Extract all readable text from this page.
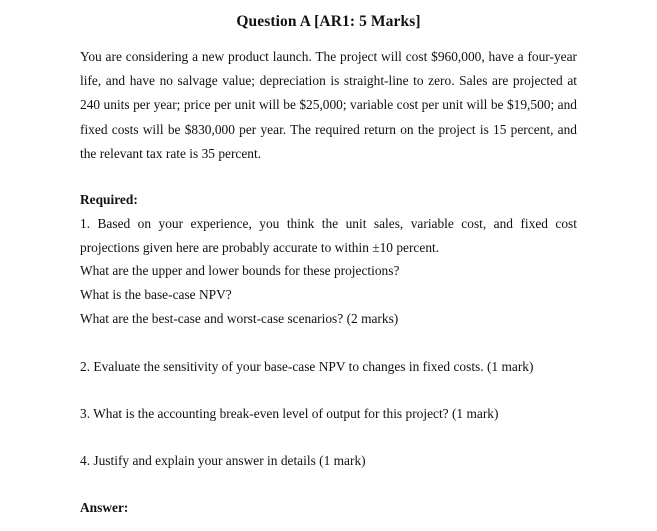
Question A [AR1: 5 Marks]
You are considering a new product launch. The project will cost $960,000, have a four-year life, and have no salvage value; depreciation is straight-line to zero. Sales are projected at 240 units per year; price per unit will be $25,000; variable cost per unit will be $19,500; and fixed costs will be $830,000 per year. The required return on the project is 15 percent, and the relevant tax rate is 35 percent.
Required:
1. Based on your experience, you think the unit sales, variable cost, and fixed cost projections given here are probably accurate to within ±10 percent.
What are the upper and lower bounds for these projections?
What is the base-case NPV?
What are the best-case and worst-case scenarios? (2 marks)
2. Evaluate the sensitivity of your base-case NPV to changes in fixed costs. (1 mark)
3. What is the accounting break-even level of output for this project? (1 mark)
4. Justify and explain your answer in details (1 mark)
Answer:
